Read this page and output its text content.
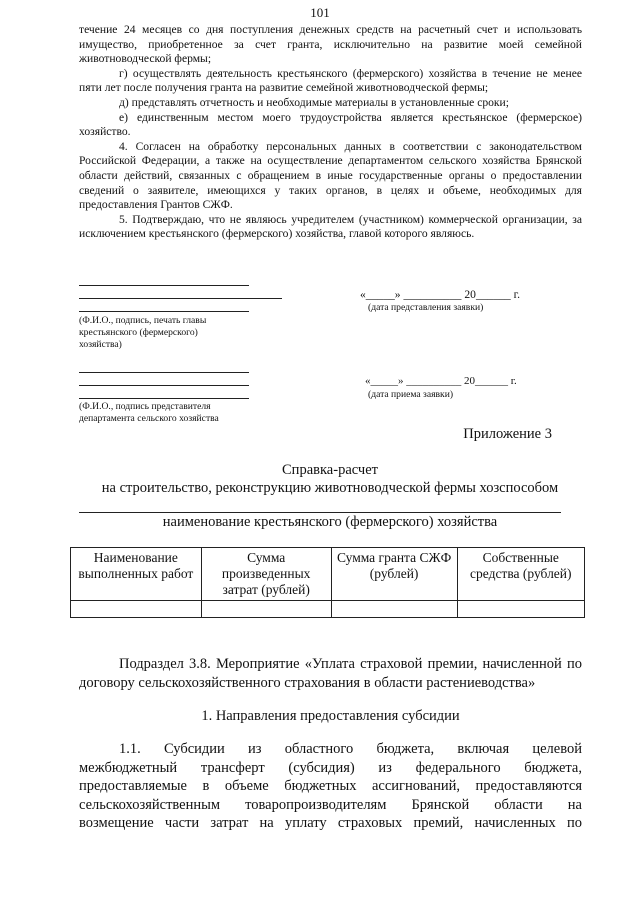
101

течение 24 месяцев со дня поступления денежных средств на расчетный счет и использовать имущество, приобретенное за счет гранта, исключительно на развитие моей семейной животноводческой фермы;

г) осуществлять деятельность крестьянского (фермерского) хозяйства в течение не менее пяти лет после получения гранта на развитие семейной животноводческой фермы;

д) представлять отчетность и необходимые материалы в установленные сроки;

е) единственным местом моего трудоустройства является крестьянское (фермерское) хозяйство.

4. Согласен на обработку персональных данных в соответствии с законодательством Российской Федерации, а также на осуществление департаментом сельского хозяйства Брянской области действий, связанных с обращением в иные государственные органы о предоставлении сведений о заявителе, имеющихся у таких органов, в целях и объеме, необходимых для предоставления Грантов СЖФ.

5. Подтверждаю, что не являюсь учредителем (участником) коммерческой организации, за исключением крестьянского (фермерского) хозяйства, главой которого являюсь.

(Ф.И.О., подпись, печать главы крестьянского (фермерского) хозяйства)
«_____» __________ 20______ г.
(дата представления заявки)
(Ф.И.О., подпись представителя департамента сельского хозяйства
«_____» __________ 20______ г.
(дата приема заявки)
Приложение 3
Справка-расчет
на строительство, реконструкцию животноводческой фермы хозспособом
наименование крестьянского (фермерского) хозяйства
Наименование выполненных работ	Сумма произведенных затрат (рублей)	Сумма гранта СЖФ (рублей)	Собственные средства (рублей)

Подраздел 3.8. Мероприятие «Уплата страховой премии, начисленной по договору сельскохозяйственного страхования в области растениеводства»
1. Направления предоставления субсидии

1.1. Субсидии из областного бюджета, включая целевой

межбюджетный трансферт (субсидия) из федерального бюджета,

предоставляемые в объеме бюджетных ассигнований, предоставляются

сельскохозяйственным товаропроизводителям Брянской области на

возмещение части затрат на уплату страховых премий, начисленных по
